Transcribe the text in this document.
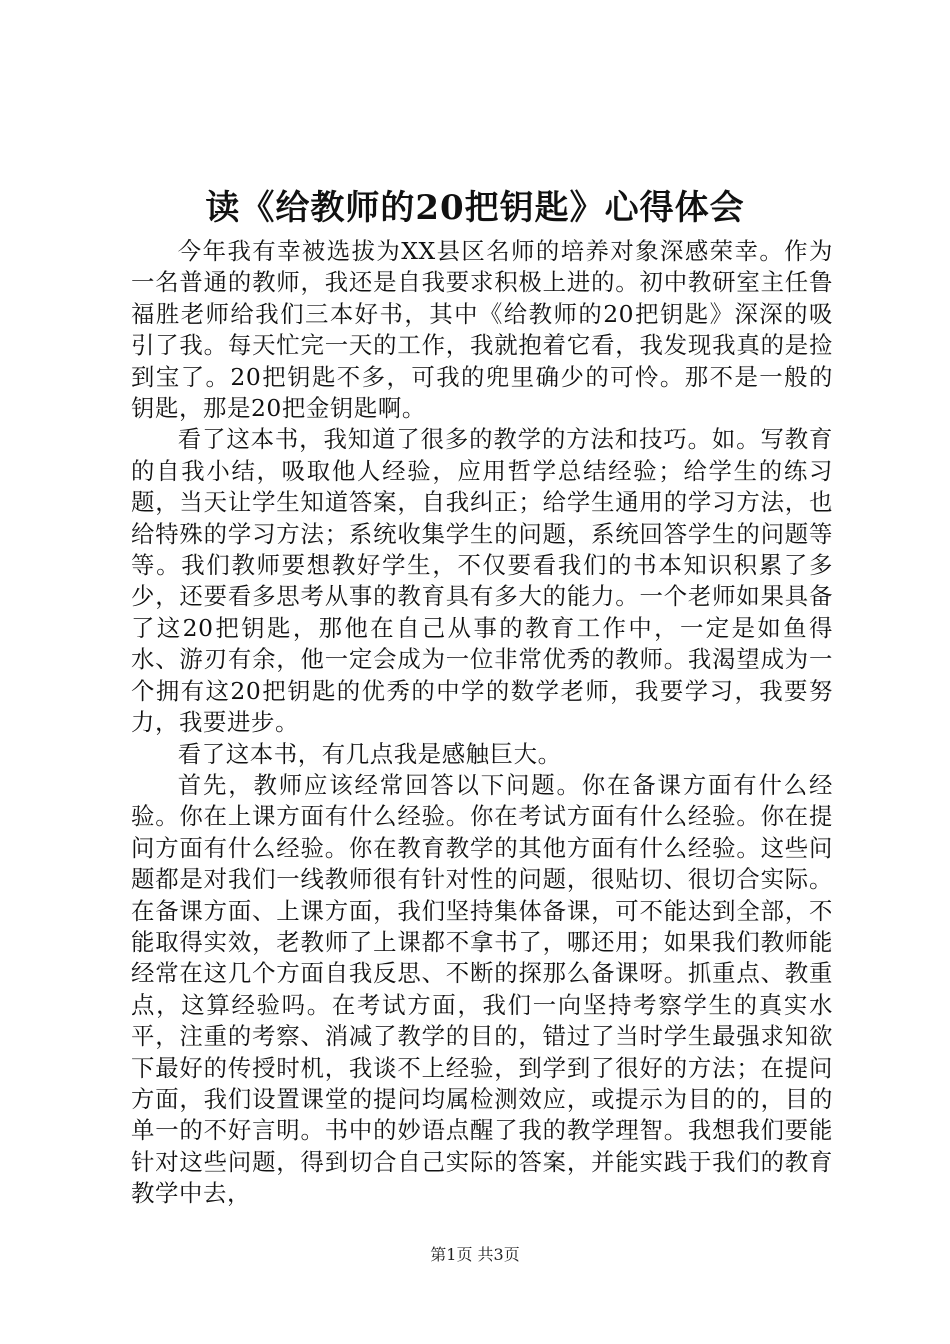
读《给教师的20把钥匙》心得体会

今年我有幸被选拔为XX县区名师的培养对象深感荣幸。作为一名普通的教师，我还是自我要求积极上进的。初中教研室主任鲁福胜老师给我们三本好书，其中《给教师的20把钥匙》深深的吸引了我。每天忙完一天的工作，我就抱着它看，我发现我真的是捡到宝了。20把钥匙不多，可我的兜里确少的可怜。那不是一般的钥匙，那是20把金钥匙啊。

看了这本书，我知道了很多的教学的方法和技巧。如。写教育的自我小结，吸取他人经验，应用哲学总结经验；给学生的练习题，当天让学生知道答案，自我纠正；给学生通用的学习方法，也给特殊的学习方法；系统收集学生的问题，系统回答学生的问题等等。我们教师要想教好学生，不仅要看我们的书本知识积累了多少，还要看多思考从事的教育具有多大的能力。一个老师如果具备了这20把钥匙，那他在自己从事的教育工作中，一定是如鱼得水、游刃有余，他一定会成为一位非常优秀的教师。我渴望成为一个拥有这20把钥匙的优秀的中学的数学老师，我要学习，我要努力，我要进步。

看了这本书，有几点我是感触巨大。

首先，教师应该经常回答以下问题。你在备课方面有什么经验。你在上课方面有什么经验。你在考试方面有什么经验。你在提问方面有什么经验。你在教育教学的其他方面有什么经验。这些问题都是对我们一线教师很有针对性的问题，很贴切、很切合实际。在备课方面、上课方面，我们坚持集体备课，可不能达到全部，不能取得实效，老教师了上课都不拿书了，哪还用；如果我们教师能经常在这几个方面自我反思、不断的探那么备课呀。抓重点、教重点，这算经验吗。在考试方面，我们一向坚持考察学生的真实水平，注重的考察、消减了教学的目的，错过了当时学生最强求知欲下最好的传授时机，我谈不上经验，到学到了很好的方法；在提问方面，我们设置课堂的提问均属检测效应，或提示为目的的，目的单一的不好言明。书中的妙语点醒了我的教学理智。我想我们要能针对这些问题，得到切合自己实际的答案，并能实践于我们的教育教学中去，

第1页 共3页
